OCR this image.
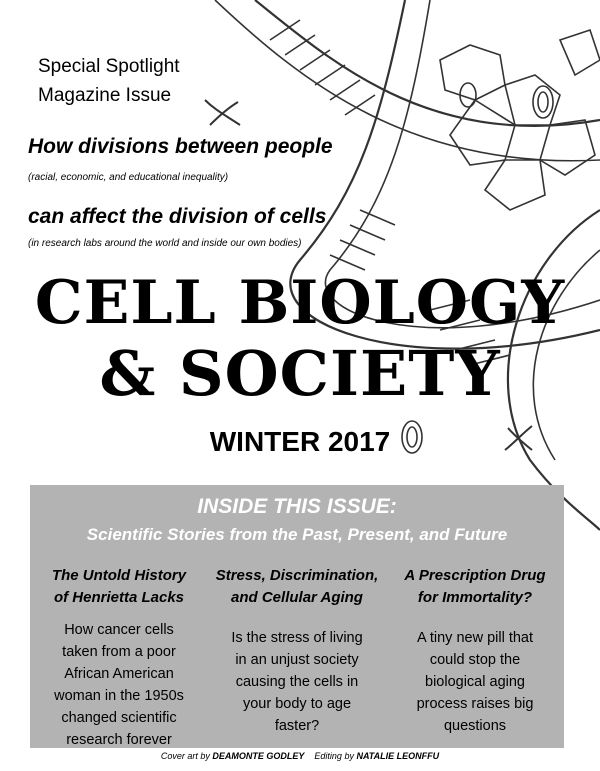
Special Spotlight
Magazine Issue
How divisions between people
(racial, economic, and educational inequality)
can affect the division of cells
(in research labs around the world and inside our own bodies)
CELL BIOLOGY
& SOCIETY
WINTER 2017
INSIDE THIS ISSUE:
Scientific Stories from the Past, Present, and Future
The Untold History
of Henrietta Lacks
How cancer cells
taken from a poor
African American
woman in the 1950s
changed scientific
research forever
Stress, Discrimination,
and Cellular Aging
Is the stress of living
in an unjust society
causing the cells in
your body to age
faster?
A Prescription Drug
for Immortality?
A tiny new pill that
could stop the
biological aging
process raises big
questions
Cover art by DEAMONTE GODLEY Editing by NATALIE LEONFFU
